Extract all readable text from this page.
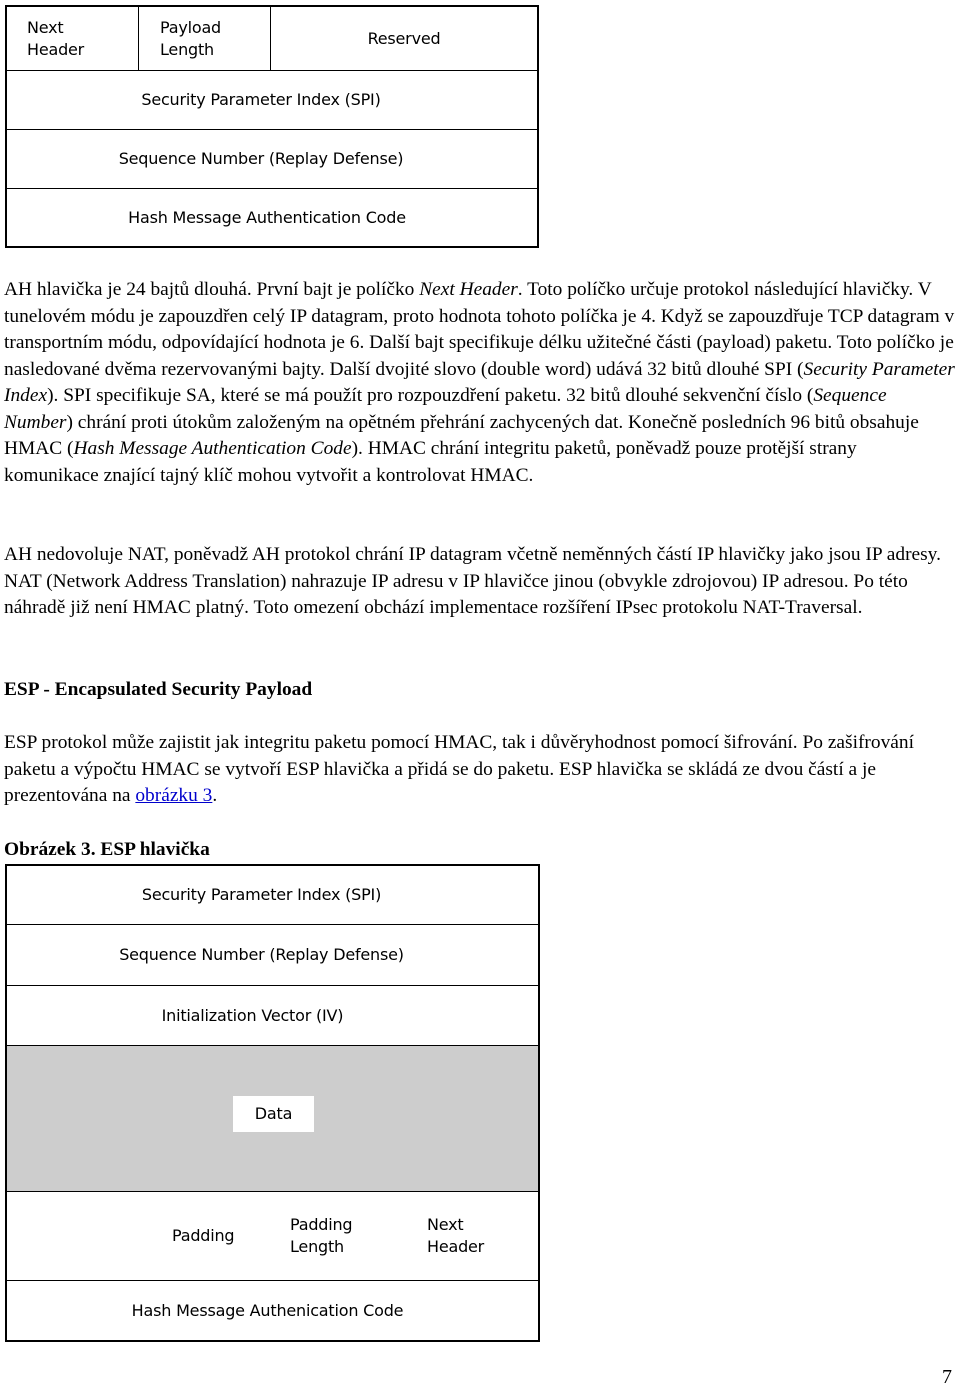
Next
Header
Payload
Length
Reserved
Security Parameter Index (SPI)
Sequence Number (Replay Defense)
Hash Message Authentication Code

AH hlavička je 24 bajtů dlouhá. První bajt je políčko Next Header. Toto políčko určuje protokol následující hlavičky. V tunelovém módu je zapouzdřen celý IP datagram, proto hodnota tohoto políčka je 4. Když se zapouzdřuje TCP datagram v transportním módu, odpovídající hodnota je 6. Další bajt specifikuje délku užitečné části (payload) paketu. Toto políčko je nasledované dvěma rezervovanými bajty. Další dvojité slovo (double word) udává 32 bitů dlouhé SPI (Security Parameter Index). SPI specifikuje SA, které se má použít pro rozpouzdření paketu. 32 bitů dlouhé sekvenční číslo (Sequence Number) chrání proti útokům založeným na opětném přehrání zachycených dat. Konečně posledních 96 bitů obsahuje HMAC (Hash Message Authentication Code). HMAC chrání integritu paketů, poněvadž pouze protější strany komunikace znající tajný klíč mohou vytvořit a kontrolovat HMAC.

AH nedovoluje NAT, poněvadž AH protokol chrání IP datagram včetně neměnných částí IP hlavičky jako jsou IP adresy. NAT (Network Address Translation) nahrazuje IP adresu v IP hlavičce jinou (obvykle zdrojovou) IP adresou. Po této náhradě již není HMAC platný. Toto omezení obchází implementace rozšíření IPsec protokolu NAT-Traversal.

ESP - Encapsulated Security Payload

ESP protokol může zajistit jak integritu paketu pomocí HMAC, tak i důvěryhodnost pomocí šifrování. Po zašifrování paketu a výpočtu HMAC se vytvoří ESP hlavička a přidá se do paketu. ESP hlavička se skládá ze dvou částí a je prezentována na obrázku 3.

Obrázek 3. ESP hlavička

Security Parameter Index (SPI)
Sequence Number (Replay Defense)
Initialization Vector (IV)
Data
Padding
Padding
Length
Next
Header
Hash Message Authenication Code
7
